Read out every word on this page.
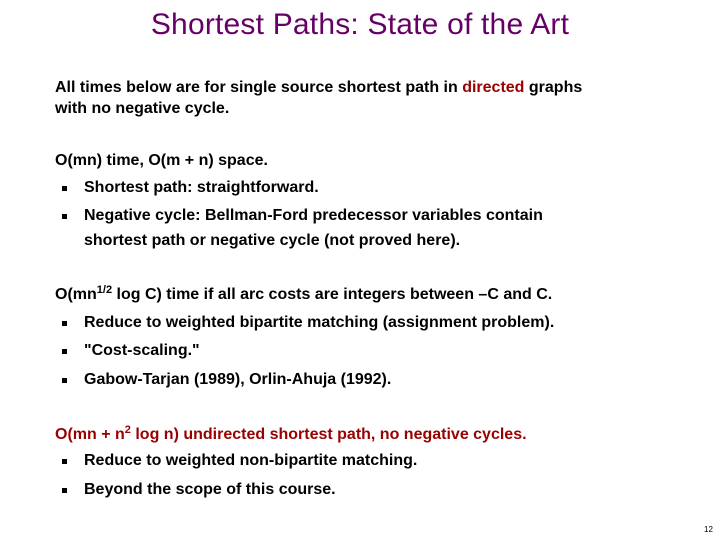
Shortest Paths: State of the Art
All times below are for single source shortest path in directed graphs
with no negative cycle.
O(mn) time, O(m + n) space.
Shortest path: straightforward.
Negative cycle: Bellman-Ford predecessor variables contain
shortest path or negative cycle (not proved here).
$O(mn^{1/2}$ log C) time if all arc costs are integers between –C and C.
Reduce to weighted bipartite matching (assignment problem).
"Cost-scaling."
Gabow-Tarjan (1989), Orlin-Ahuja (1992).
$O(mn + n^2$ log n) undirected shortest path, no negative cycles.
Reduce to weighted non-bipartite matching.
Beyond the scope of this course.
12
